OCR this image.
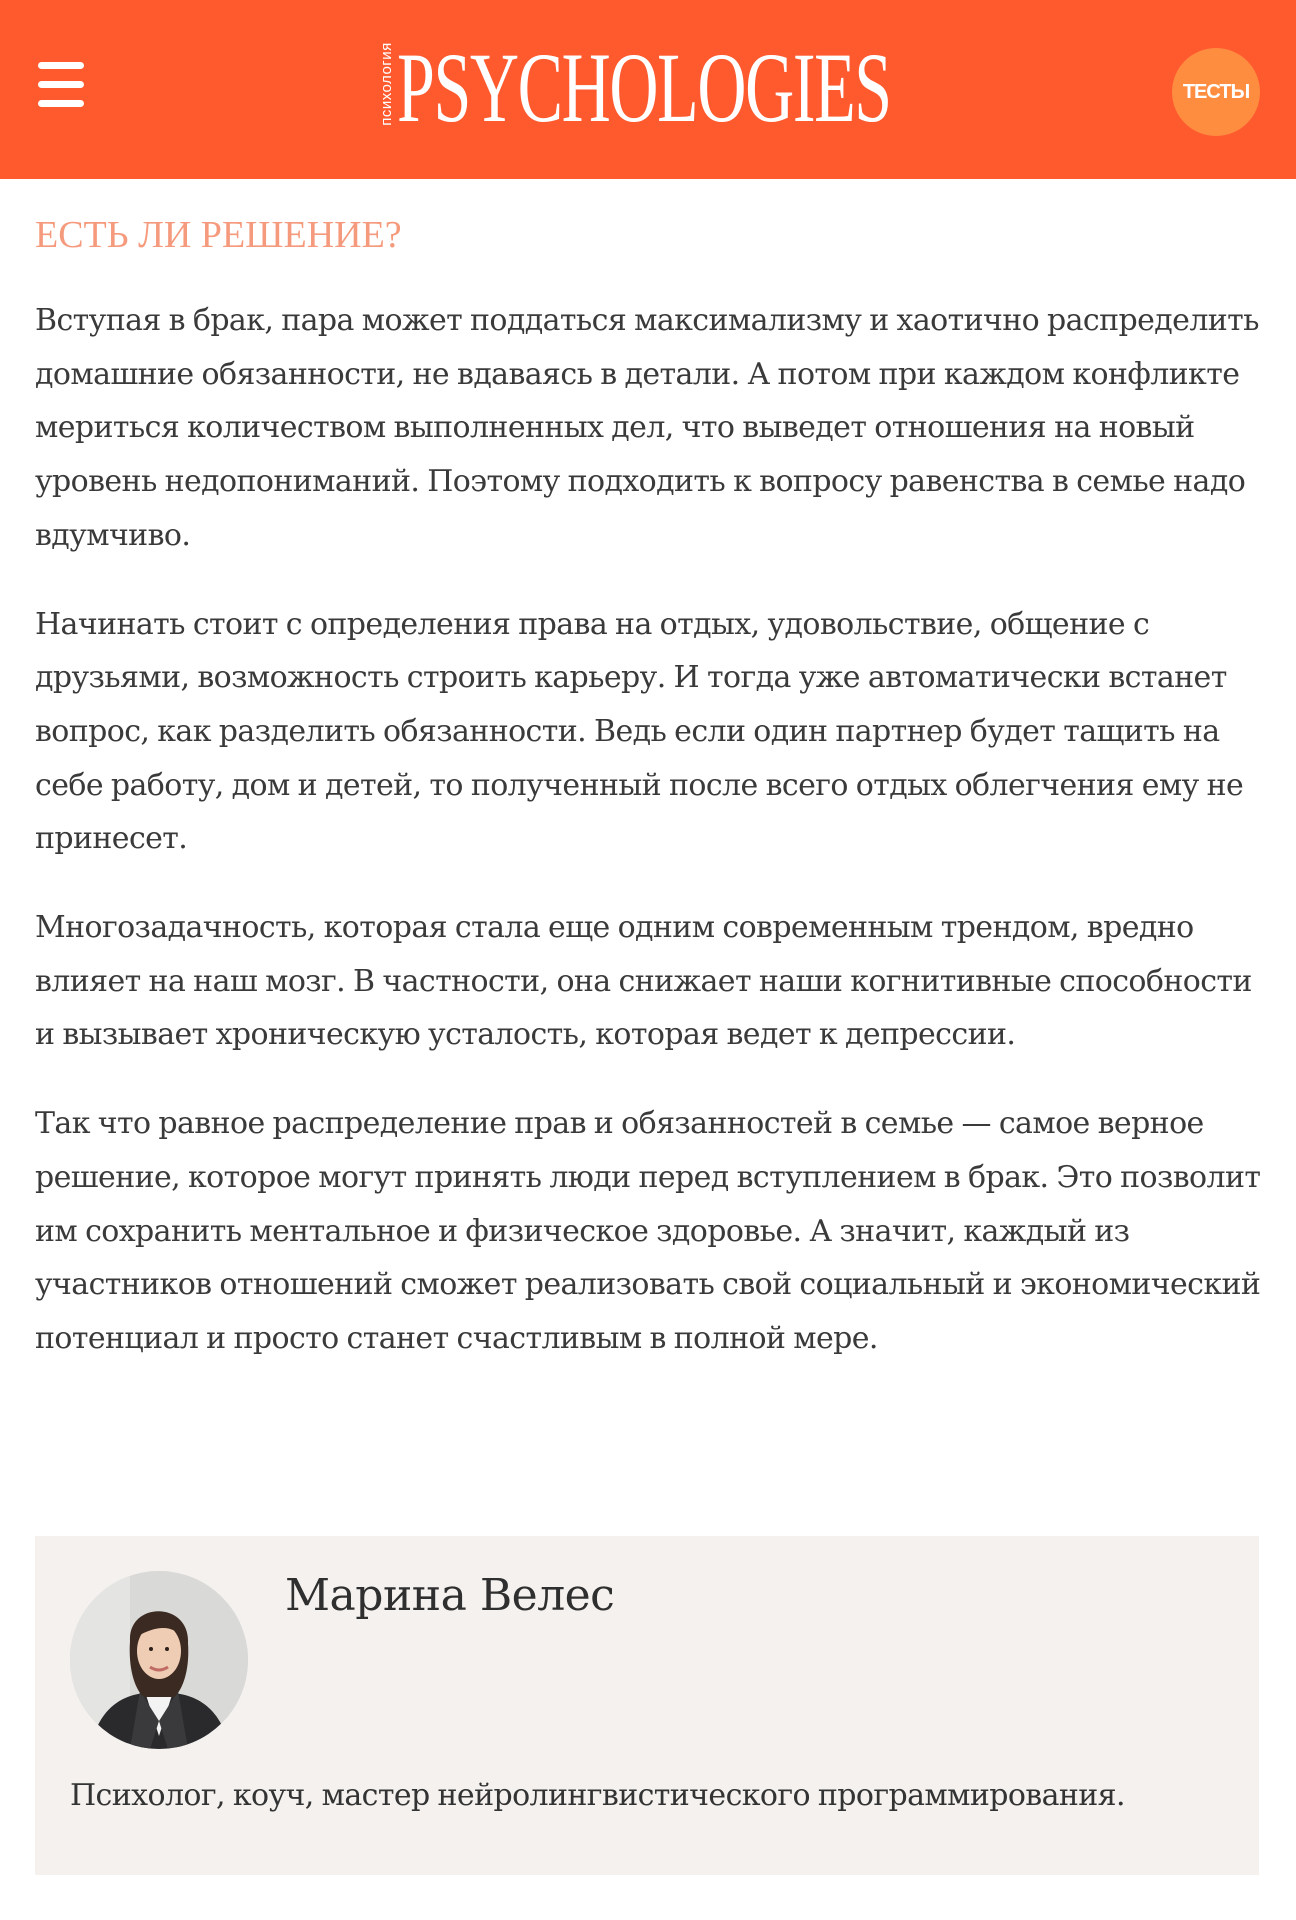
психология PSYCHOLOGIES	ТЕСТЫ
ЕСТЬ ЛИ РЕШЕНИЕ?

Вступая в брак, пара может поддаться максимализму и хаотично распределить домашние обязанности, не вдаваясь в детали. А потом при каждом конфликте мериться количеством выполненных дел, что выведет отношения на новый уровень недопониманий. Поэтому подходить к вопросу равенства в семье надо вдумчиво.

Начинать стоит с определения права на отдых, удовольствие, общение с друзьями, возможность строить карьеру. И тогда уже автоматически встанет вопрос, как разделить обязанности. Ведь если один партнер будет тащить на себе работу, дом и детей, то полученный после всего отдых облегчения ему не принесет.

Многозадачность, которая стала еще одним современным трендом, вредно влияет на наш мозг. В частности, она снижает наши когнитивные способности и вызывает хроническую усталость, которая ведет к депрессии.

Так что равное распределение прав и обязанностей в семье — самое верное решение, которое могут принять люди перед вступлением в брак. Это позволит им сохранить ментальное и физическое здоровье. А значит, каждый из участников отношений сможет реализовать свой социальный и экономический потенциал и просто станет счастливым в полной мере.

Марина Велес
Психолог, коуч, мастер нейролингвистического программирования.
